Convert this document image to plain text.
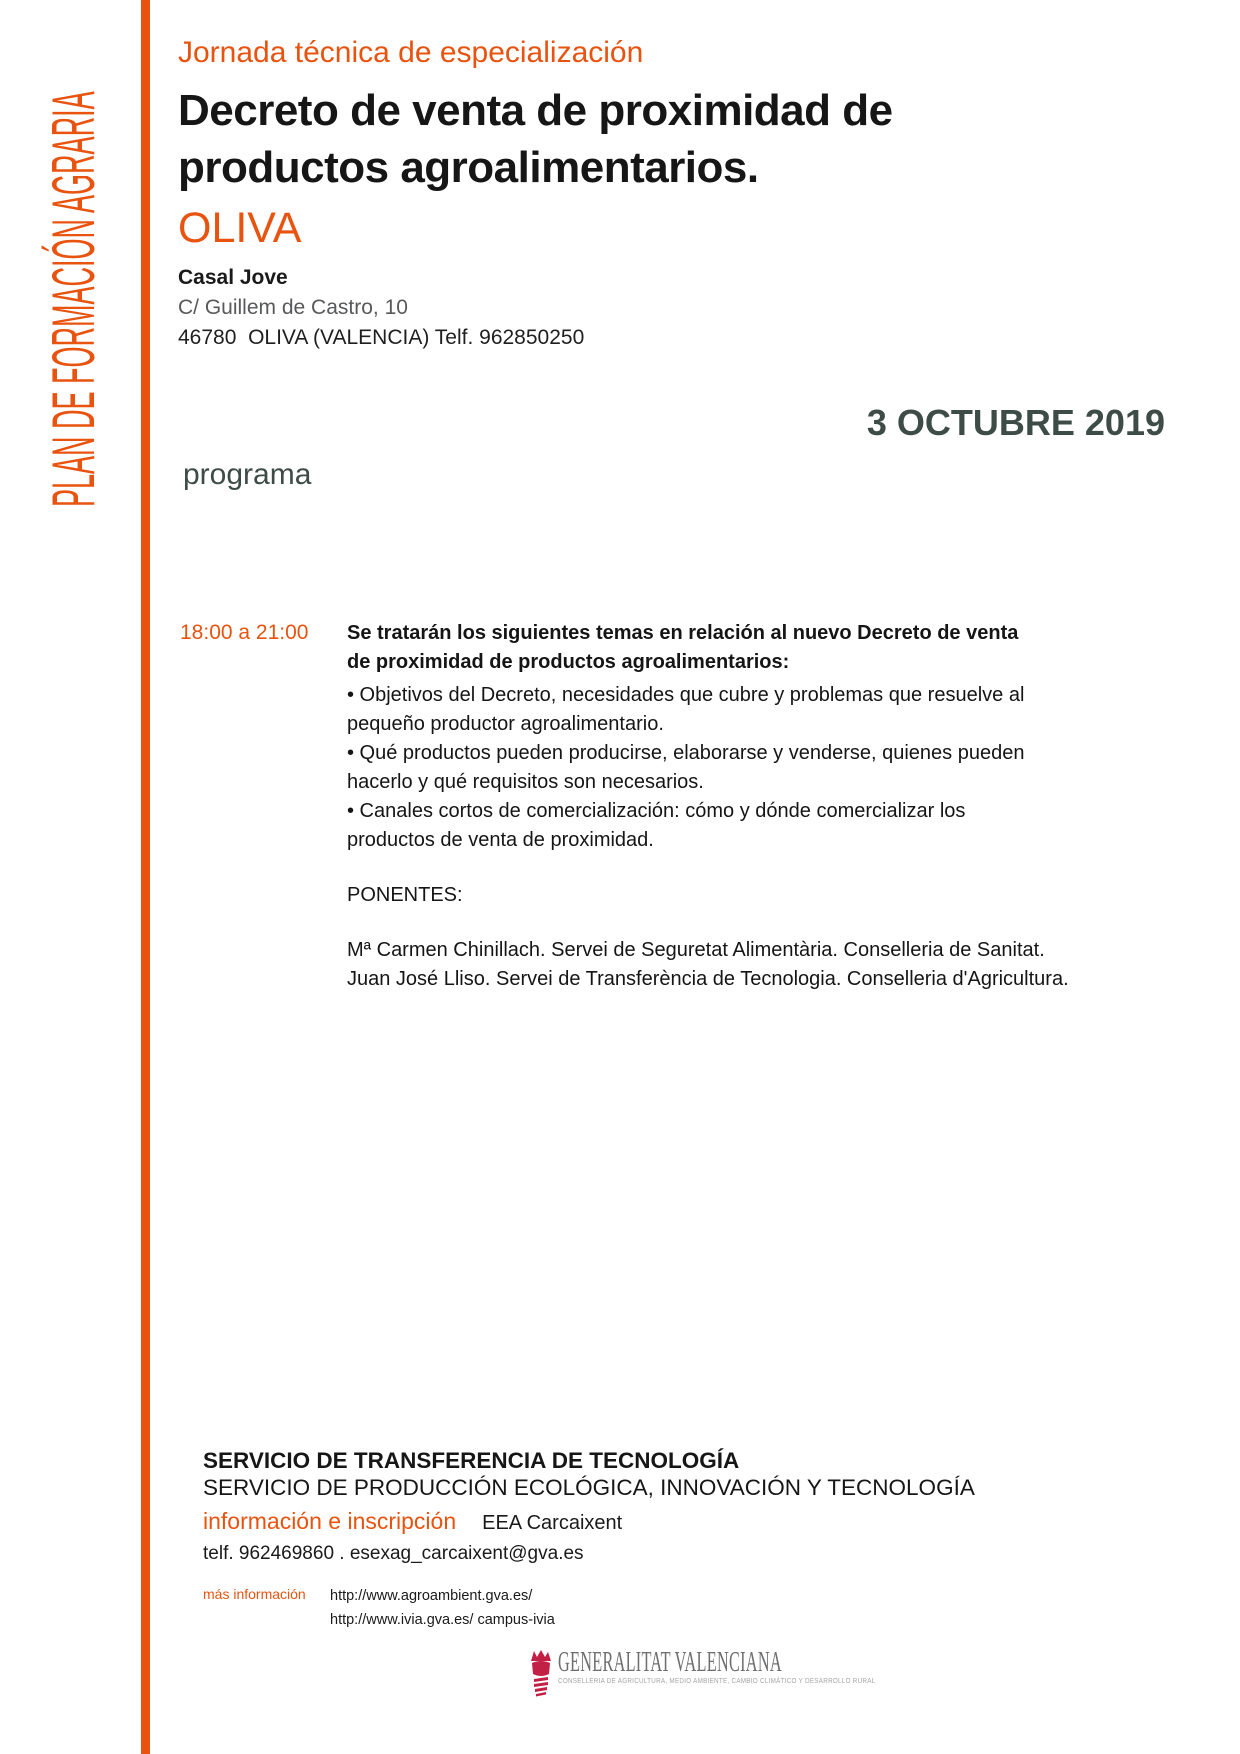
PLAN DE FORMACIÓN AGRARIA
Jornada técnica de especialización
Decreto de venta de proximidad de productos agroalimentarios.
OLIVA
Casal Jove
C/ Guillem de Castro, 10
46780  OLIVA (VALENCIA) Telf. 962850250
3 OCTUBRE 2019
programa
18:00 a 21:00 Se tratarán los siguientes temas en relación al nuevo Decreto de venta de proximidad de productos agroalimentarios:

• Objetivos del Decreto, necesidades que cubre y problemas que resuelve al pequeño productor agroalimentario.

• Qué productos pueden producirse, elaborarse y venderse, quienes pueden hacerlo y qué requisitos son necesarios.

• Canales cortos de comercialización: cómo y dónde comercializar los productos de venta de proximidad.

PONENTES:

Mª Carmen Chinillach. Servei de Seguretat Alimentària. Conselleria de Sanitat.

Juan José Lliso. Servei de Transferència de Tecnologia. Conselleria d'Agricultura.

SERVICIO DE TRANSFERENCIA DE TECNOLOGÍA
SERVICIO DE PRODUCCIÓN ECOLÓGICA, INNOVACIÓN Y TECNOLOGÍA
información e inscripción EEA Carcaixent
telf. 962469860 . esexag_carcaixent@gva.es
más información http://www.agroambient.gva.es/
http://www.ivia.gva.es/ campus-ivia
GENERALITAT VALENCIANA
CONSELLERIA DE AGRICULTURA, MEDIO AMBIENTE, CAMBIO CLIMÁTICO Y DESARROLLO RURAL
